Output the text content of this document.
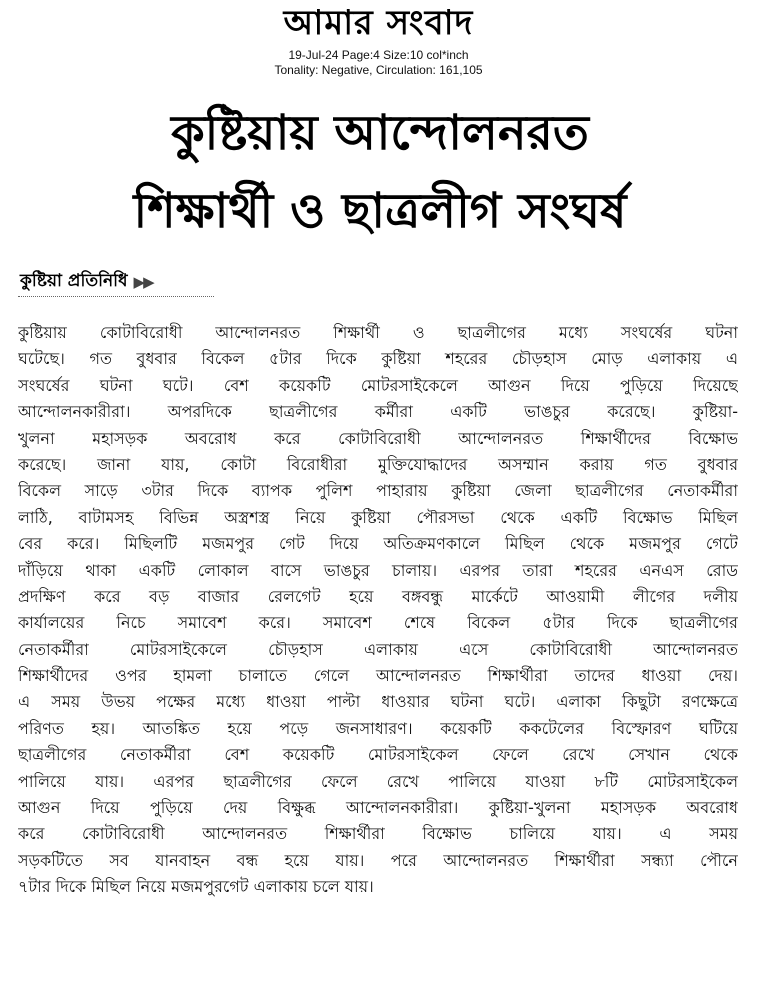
আমার সংবাদ
19-Jul-24 Page:4 Size:10 col*inch
Tonality: Negative, Circulation: 161,105
কুষ্টিয়ায় আন্দোলনরত
শিক্ষার্থী ও ছাত্রলীগ সংঘর্ষ
কুষ্টিয়া প্রতিনিধি ▶▶
কুষ্টিয়ায় কোটাবিরোধী আন্দোলনরত শিক্ষার্থী ও ছাত্রলীগের মধ্যে সংঘর্ষের ঘটনা
ঘটেছে। গত বুধবার বিকেল ৫টার দিকে কুষ্টিয়া শহরের চৌড়হাস মোড় এলাকায় এ
সংঘর্ষের ঘটনা ঘটে। বেশ কয়েকটি মোটরসাইকেলে আগুন দিয়ে পুড়িয়ে দিয়েছে
আন্দোলনকারীরা। অপরদিকে ছাত্রলীগের কর্মীরা একটি ভাঙচুর করেছে। কুষ্টিয়া-
খুলনা মহাসড়ক অবরোধ করে কোটাবিরোধী আন্দোলনরত শিক্ষার্থীদের বিক্ষোভ
করেছে। জানা যায়, কোটা বিরোধীরা মুক্তিযোদ্ধাদের অসম্মান করায় গত বুধবার
বিকেল সাড়ে ৩টার দিকে ব্যাপক পুলিশ পাহারায় কুষ্টিয়া জেলা ছাত্রলীগের নেতাকর্মীরা
লাঠি, বাটামসহ বিভিন্ন অস্ত্রশস্ত্র নিয়ে কুষ্টিয়া পৌরসভা থেকে একটি বিক্ষোভ মিছিল
বের করে। মিছিলটি মজমপুর গেট দিয়ে অতিক্রমণকালে মিছিল থেকে মজমপুর গেটে
দাঁড়িয়ে থাকা একটি লোকাল বাসে ভাঙচুর চালায়। এরপর তারা শহরের এনএস রোড
প্রদক্ষিণ করে বড় বাজার রেলগেট হয়ে বঙ্গবন্ধু মার্কেটে আওয়ামী লীগের দলীয়
কার্যালয়ের নিচে সমাবেশ করে। সমাবেশ শেষে বিকেল ৫টার দিকে ছাত্রলীগের
নেতাকর্মীরা মোটরসাইকেলে চৌড়হাস এলাকায় এসে কোটাবিরোধী আন্দোলনরত
শিক্ষার্থীদের ওপর হামলা চালাতে গেলে আন্দোলনরত শিক্ষার্থীরা তাদের ধাওয়া দেয়।
এ সময় উভয় পক্ষের মধ্যে ধাওয়া পাল্টা ধাওয়ার ঘটনা ঘটে। এলাকা কিছুটা রণক্ষেত্রে
পরিণত হয়। আতঙ্কিত হয়ে পড়ে জনসাধারণ। কয়েকটি ককটেলের বিস্ফোরণ ঘটিয়ে
ছাত্রলীগের নেতাকর্মীরা বেশ কয়েকটি মোটরসাইকেল ফেলে রেখে সেখান থেকে
পালিয়ে যায়। এরপর ছাত্রলীগের ফেলে রেখে পালিয়ে যাওয়া ৮টি মোটরসাইকেল
আগুন দিয়ে পুড়িয়ে দেয় বিক্ষুব্ধ আন্দোলনকারীরা। কুষ্টিয়া-খুলনা মহাসড়ক অবরোধ
করে কোটাবিরোধী আন্দোলনরত শিক্ষার্থীরা বিক্ষোভ চালিয়ে যায়। এ সময়
সড়কটিতে সব যানবাহন বন্ধ হয়ে যায়। পরে আন্দোলনরত শিক্ষার্থীরা সন্ধ্যা পৌনে
৭টার দিকে মিছিল নিয়ে মজমপুরগেট এলাকায় চলে যায়।
